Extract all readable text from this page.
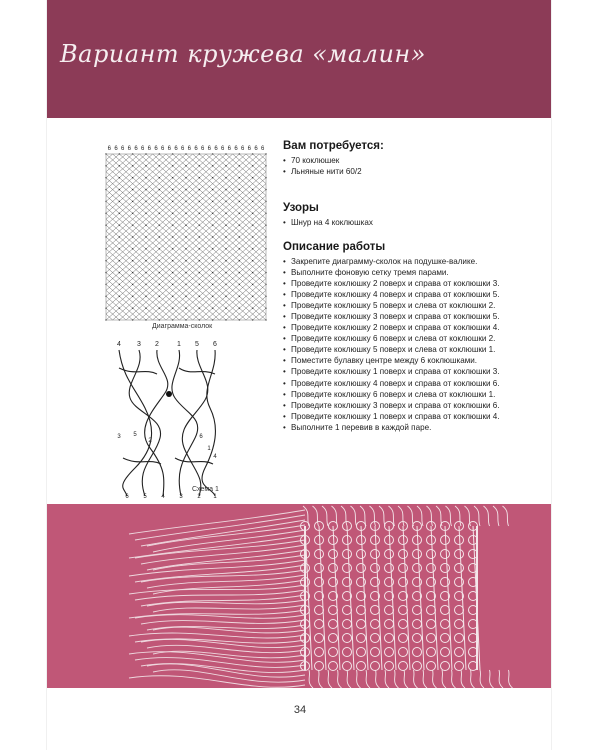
Вариант кружева «малин»
6 6 6 6 6 6 6 6 6 6 6 6 6 6 6 6 6 6 6 6 6 6 6 6
Диаграмма-сколок
4 3 2	1 5 6
3 5
2
6
1
4
6 5 4 3 2 1
Схема 1
Вам потребуется:
• 70 коклюшек
• Льняные нити 60/2
Узоры
• Шнур на 4 коклюшках
Описание работы
• Закрепите диаграмму-сколок на подушке-валике.
• Выполните фоновую сетку тремя парами.
• Проведите коклюшку 2 поверх и справа от коклюшки 3.
• Проведите коклюшку 4 поверх и справа от коклюшки 5.
• Проведите коклюшку 5 поверх и слева от коклюшки 2.
• Проведите коклюшку 3 поверх и справа от коклюшки 5.
• Проведите коклюшку 2 поверх и справа от коклюшки 4.
• Проведите коклюшку 6 поверх и слева от коклюшки 2.
• Проведите коклюшку 5 поверх и слева от коклюшки 1.
• Поместите булавку центре между 6 коклюшками.
• Проведите коклюшку 1 поверх и справа от коклюшки 3.
• Проведите коклюшку 4 поверх и справа от коклюшки 6.
• Проведите коклюшку 6 поверх и слева от коклюшки 1.
• Проведите коклюшку 3 поверх и справа от коклюшки 6.
• Проведите коклюшку 1 поверх и справа от коклюшки 4.
• Выполните 1 перевив в каждой паре.
34
